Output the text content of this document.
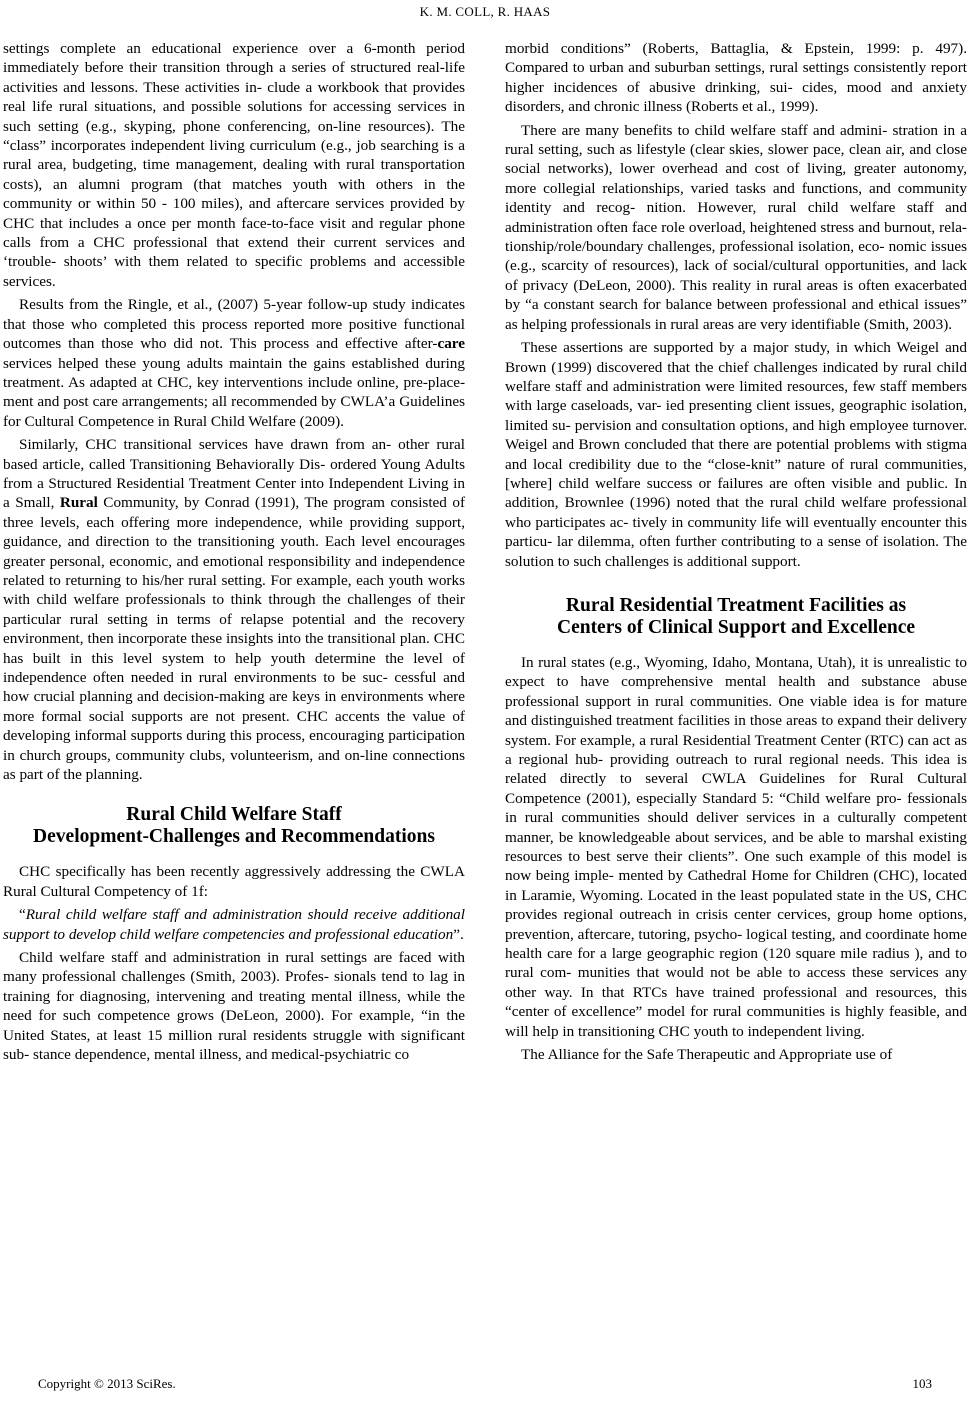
K. M. COLL, R. HAAS

settings complete an educational experience over a 6-month period immediately before their transition through a series of structured real-life activities and lessons. These activities in- clude a workbook that provides real life rural situations, and possible solutions for accessing services in such setting (e.g., skyping, phone conferencing, on-line resources). The “class” incorporates independent living curriculum (e.g., job searching is a rural area, budgeting, time management, dealing with rural transportation costs), an alumni program (that matches youth with others in the community or within 50 - 100 miles), and aftercare services provided by CHC that includes a once per month face-to-face visit and regular phone calls from a CHC professional that extend their current services and ‘trouble- shoots’ with them related to specific problems and accessible services.

Results from the Ringle, et al., (2007) 5-year follow-up study indicates that those who completed this process reported more positive functional outcomes than those who did not. This process and effective after-care services helped these young adults maintain the gains established during treatment. As adapted at CHC, key interventions include online, pre-place- ment and post care arrangements; all recommended by CWLA’a Guidelines for Cultural Competence in Rural Child Welfare (2009).

Similarly, CHC transitional services have drawn from an- other rural based article, called Transitioning Behaviorally Dis- ordered Young Adults from a Structured Residential Treatment Center into Independent Living in a Small, Rural Community, by Conrad (1991), The program consisted of three levels, each offering more independence, while providing support, guidance, and direction to the transitioning youth. Each level encourages greater personal, economic, and emotional responsibility and independence related to returning to his/her rural setting. For example, each youth works with child welfare professionals to think through the challenges of their particular rural setting in terms of relapse potential and the recovery environment, then incorporate these insights into the transitional plan. CHC has built in this level system to help youth determine the level of independence often needed in rural environments to be suc- cessful and how crucial planning and decision-making are keys in environments where more formal social supports are not present. CHC accents the value of developing informal supports during this process, encouraging participation in church groups, community clubs, volunteerism, and on-line connections as part of the planning.

Rural Child Welfare Staff
Development-Challenges and Recommendations

CHC specifically has been recently aggressively addressing the CWLA Rural Cultural Competency of 1f:

“Rural child welfare staff and administration should receive additional support to develop child welfare competencies and professional education”.

Child welfare staff and administration in rural settings are faced with many professional challenges (Smith, 2003). Profes- sionals tend to lag in training for diagnosing, intervening and treating mental illness, while the need for such competence grows (DeLeon, 2000). For example, “in the United States, at least 15 million rural residents struggle with significant sub- stance dependence, mental illness, and medical-psychiatric co

morbid conditions” (Roberts, Battaglia, & Epstein, 1999: p. 497). Compared to urban and suburban settings, rural settings consistently report higher incidences of abusive drinking, sui- cides, mood and anxiety disorders, and chronic illness (Roberts et al., 1999).

There are many benefits to child welfare staff and admini- stration in a rural setting, such as lifestyle (clear skies, slower pace, clean air, and close social networks), lower overhead and cost of living, greater autonomy, more collegial relationships, varied tasks and functions, and community identity and recog- nition. However, rural child welfare staff and administration often face role overload, heightened stress and burnout, rela- tionship/role/boundary challenges, professional isolation, eco- nomic issues (e.g., scarcity of resources), lack of social/cultural opportunities, and lack of privacy (DeLeon, 2000). This reality in rural areas is often exacerbated by “a constant search for balance between professional and ethical issues” as helping professionals in rural areas are very identifiable (Smith, 2003).

These assertions are supported by a major study, in which Weigel and Brown (1999) discovered that the chief challenges indicated by rural child welfare staff and administration were limited resources, few staff members with large caseloads, var- ied presenting client issues, geographic isolation, limited su- pervision and consultation options, and high employee turnover. Weigel and Brown concluded that there are potential problems with stigma and local credibility due to the “close-knit” nature of rural communities, [where] child welfare success or failures are often visible and public. In addition, Brownlee (1996) noted that the rural child welfare professional who participates ac- tively in community life will eventually encounter this particu- lar dilemma, often further contributing to a sense of isolation. The solution to such challenges is additional support.

Rural Residential Treatment Facilities as
Centers of Clinical Support and Excellence

In rural states (e.g., Wyoming, Idaho, Montana, Utah), it is unrealistic to expect to have comprehensive mental health and substance abuse professional support in rural communities. One viable idea is for mature and distinguished treatment facilities in those areas to expand their delivery system. For example, a rural Residential Treatment Center (RTC) can act as a regional hub- providing outreach to rural regional needs. This idea is related directly to several CWLA Guidelines for Rural Cultural Competence (2001), especially Standard 5: “Child welfare pro- fessionals in rural communities should deliver services in a culturally competent manner, be knowledgeable about services, and be able to marshal existing resources to best serve their clients”. One such example of this model is now being imple- mented by Cathedral Home for Children (CHC), located in Laramie, Wyoming. Located in the least populated state in the US, CHC provides regional outreach in crisis center cervices, group home options, prevention, aftercare, tutoring, psycho- logical testing, and coordinate home health care for a large geographic region (120 square mile radius ), and to rural com- munities that would not be able to access these services any other way. In that RTCs have trained professional and resources, this “center of excellence” model for rural communities is highly feasible, and will help in transitioning CHC youth to independent living.

The Alliance for the Safe Therapeutic and Appropriate use of

Copyright © 2013 SciRes.	103
